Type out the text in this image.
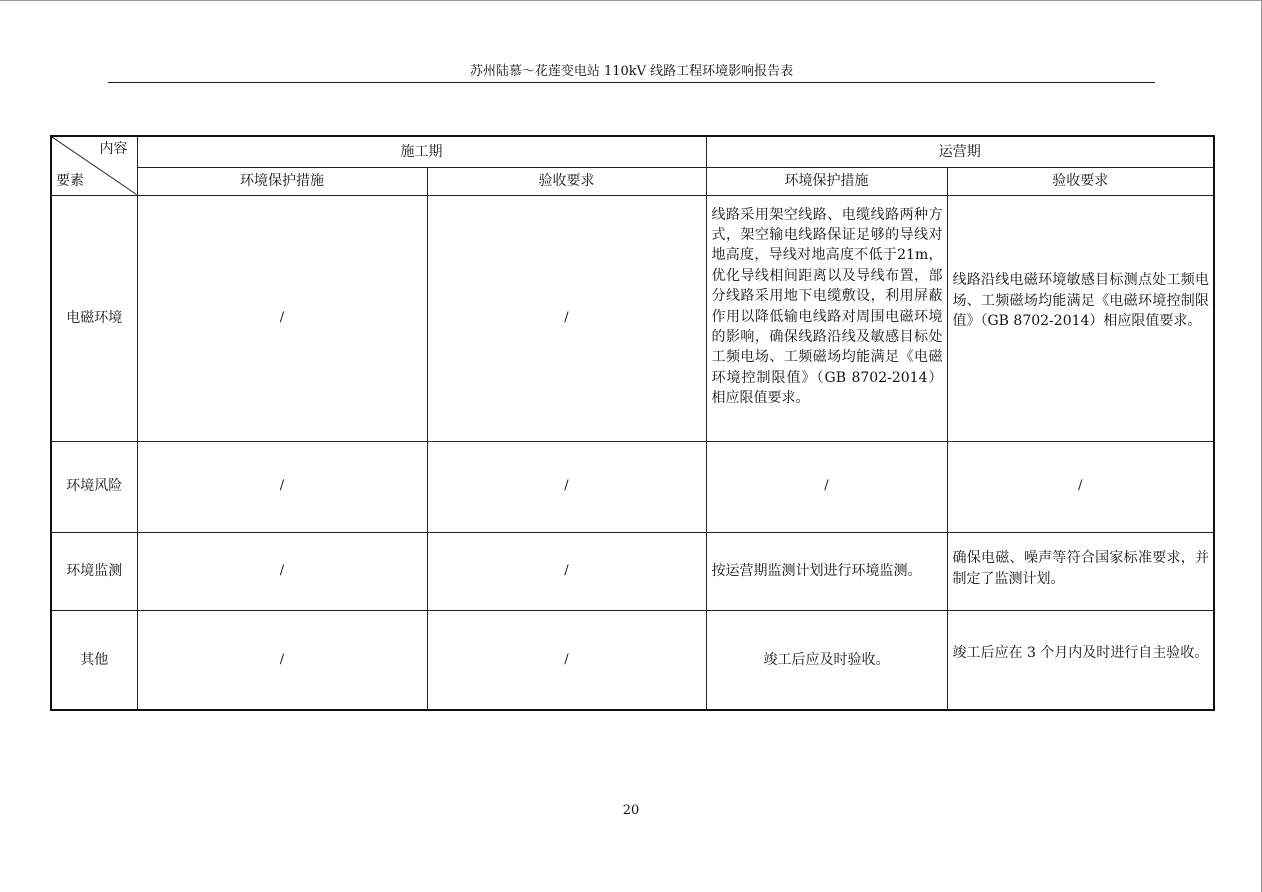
苏州陆慕～花莲变电站 110kV 线路工程环境影响报告表
内容
要素	施工期		运营期	
	环境保护措施	验收要求	环境保护措施	验收要求
电磁环境	/	/	线路采用架空线路、电缆线路两种方式，架空输电线路保证足够的导线对地高度，导线对地高度不低于21m，优化导线相间距离以及导线布置，部分线路采用地下电缆敷设，利用屏蔽作用以降低输电线路对周围电磁环境的影响，确保线路沿线及敏感目标处工频电场、工频磁场均能满足《电磁环境控制限值》（GB 8702-2014）相应限值要求。	线路沿线电磁环境敏感目标测点处工频电场、工频磁场均能满足《电磁环境控制限值》（GB 8702-2014）相应限值要求。
环境风险	/	/	/	/
环境监测	/	/	按运营期监测计划进行环境监测。	确保电磁、噪声等符合国家标准要求，并制定了监测计划。
其他	/	/	竣工后应及时验收。	竣工后应在 3 个月内及时进行自主验收。
20
